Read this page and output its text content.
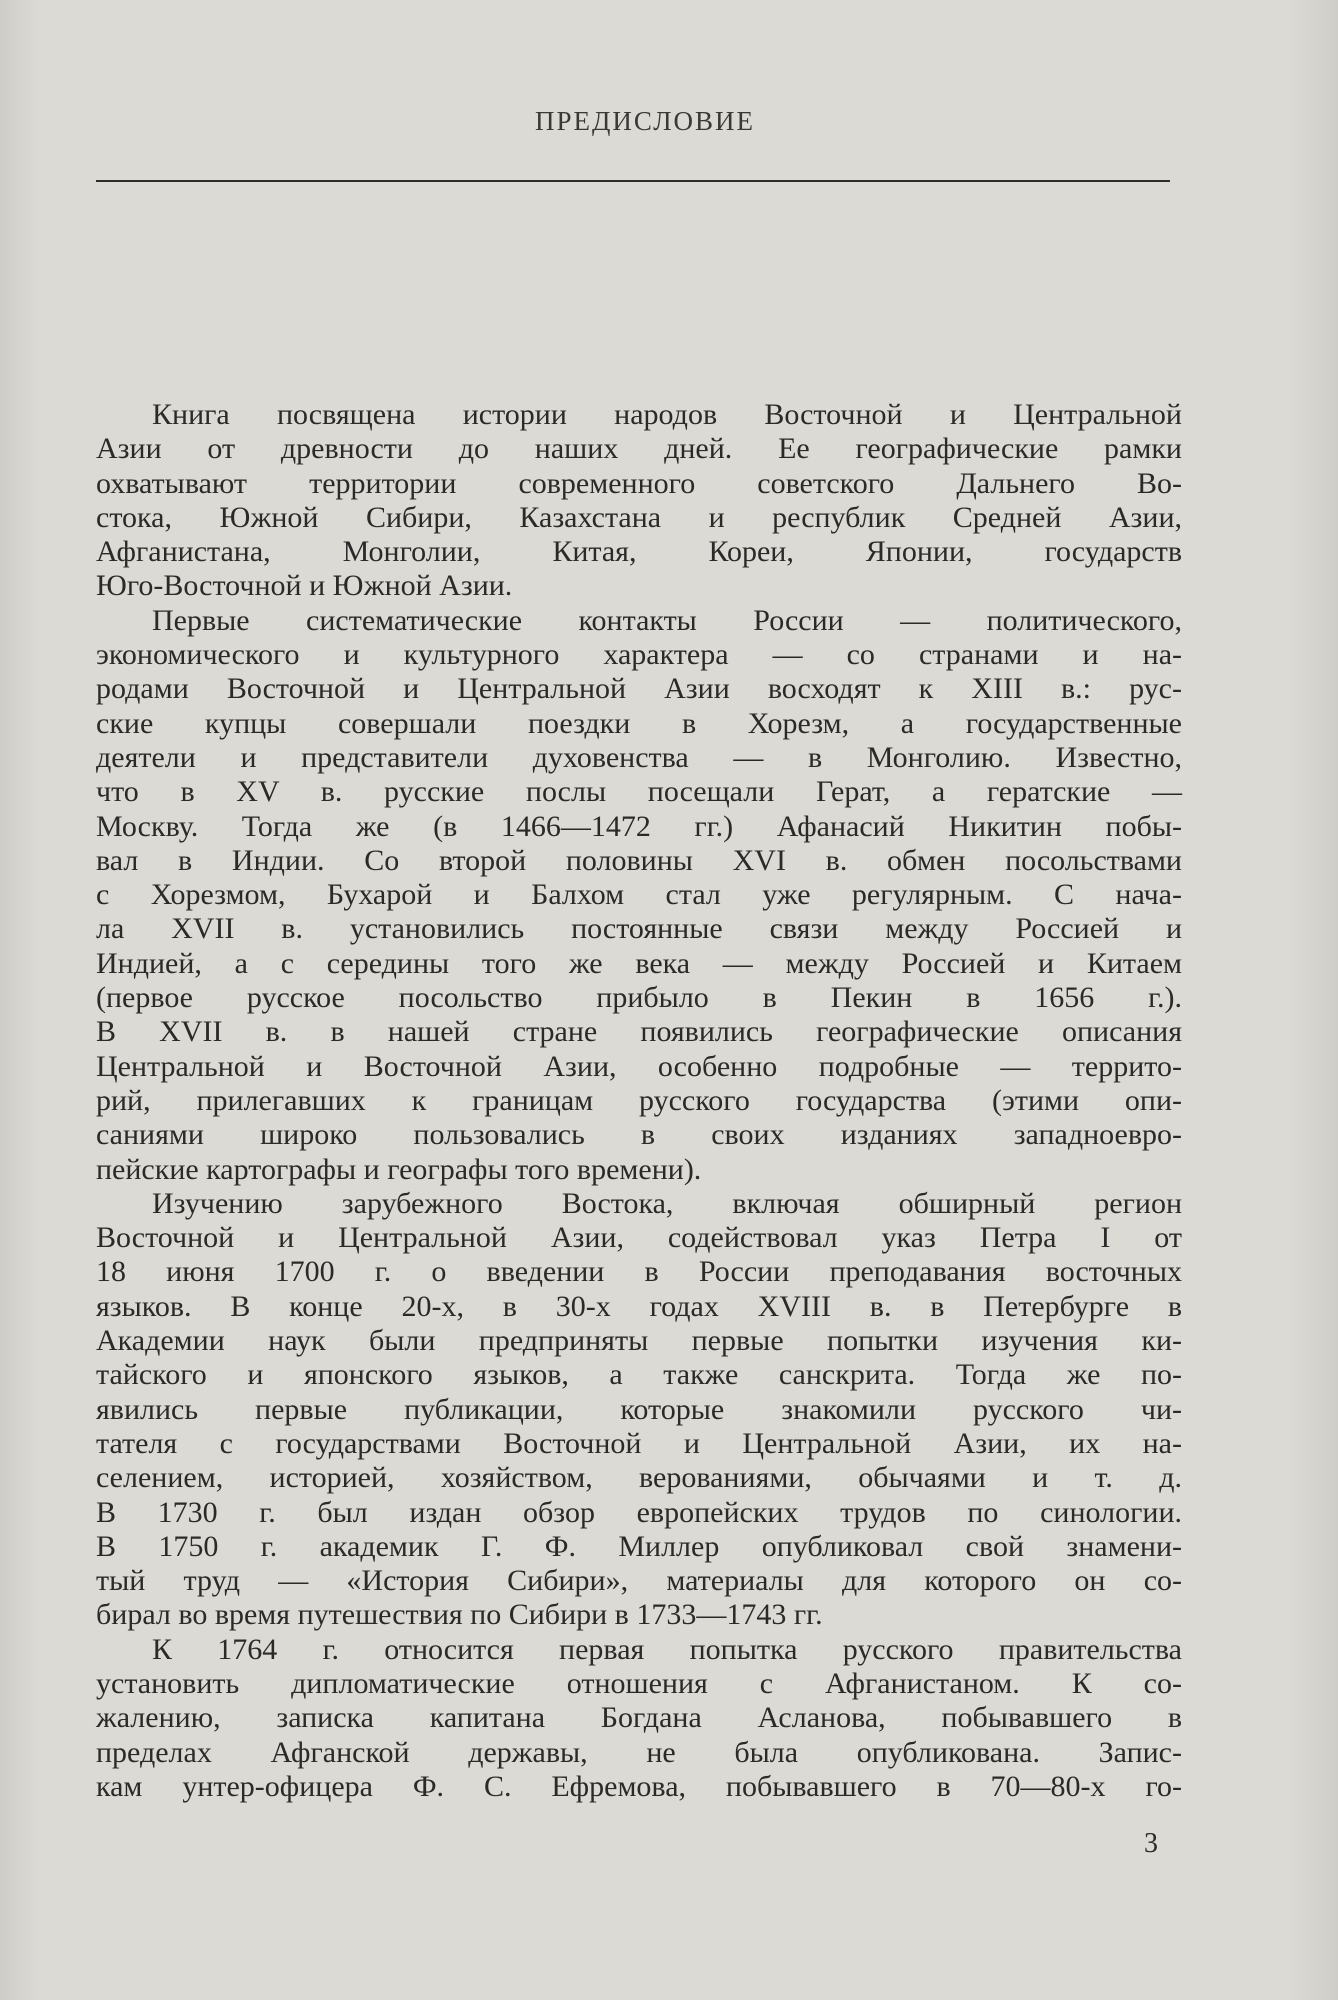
ПРЕДИСЛОВИЕ
Книга посвящена истории народов Восточной и Центральной
Азии от древности до наших дней. Ее географические рамки
охватывают территории современного советского Дальнего Во-
стока, Южной Сибири, Казахстана и республик Средней Азии,
Афганистана, Монголии, Китая, Кореи, Японии, государств
Юго-Восточной и Южной Азии.
Первые систематические контакты России — политического,
экономического и культурного характера — со странами и на-
родами Восточной и Центральной Азии восходят к XIII в.: рус-
ские купцы совершали поездки в Хорезм, а государственные
деятели и представители духовенства — в Монголию. Известно,
что в XV в. русские послы посещали Герат, а гератские —
Москву. Тогда же (в 1466—1472 гг.) Афанасий Никитин побы-
вал в Индии. Со второй половины XVI в. обмен посольствами
с Хорезмом, Бухарой и Балхом стал уже регулярным. С нача-
ла XVII в. установились постоянные связи между Россией и
Индией, а с середины того же века — между Россией и Китаем
(первое русское посольство прибыло в Пекин в 1656 г.).
В XVII в. в нашей стране появились географические описания
Центральной и Восточной Азии, особенно подробные — террито-
рий, прилегавших к границам русского государства (этими опи-
саниями широко пользовались в своих изданиях западноевро-
пейские картографы и географы того времени).
Изучению зарубежного Востока, включая обширный регион
Восточной и Центральной Азии, содействовал указ Петра I от
18 июня 1700 г. о введении в России преподавания восточных
языков. В конце 20-х, в 30-х годах XVIII в. в Петербурге в
Академии наук были предприняты первые попытки изучения ки-
тайского и японского языков, а также санскрита. Тогда же по-
явились первые публикации, которые знакомили русского чи-
тателя с государствами Восточной и Центральной Азии, их на-
селением, историей, хозяйством, верованиями, обычаями и т. д.
В 1730 г. был издан обзор европейских трудов по синологии.
В 1750 г. академик Г. Ф. Миллер опубликовал свой знамени-
тый труд — «История Сибири», материалы для которого он со-
бирал во время путешествия по Сибири в 1733—1743 гг.
К 1764 г. относится первая попытка русского правительства
установить дипломатические отношения с Афганистаном. К со-
жалению, записка капитана Богдана Асланова, побывавшего в
пределах Афганской державы, не была опубликована. Запис-
кам унтер-офицера Ф. С. Ефремова, побывавшего в 70—80-х го-
3
